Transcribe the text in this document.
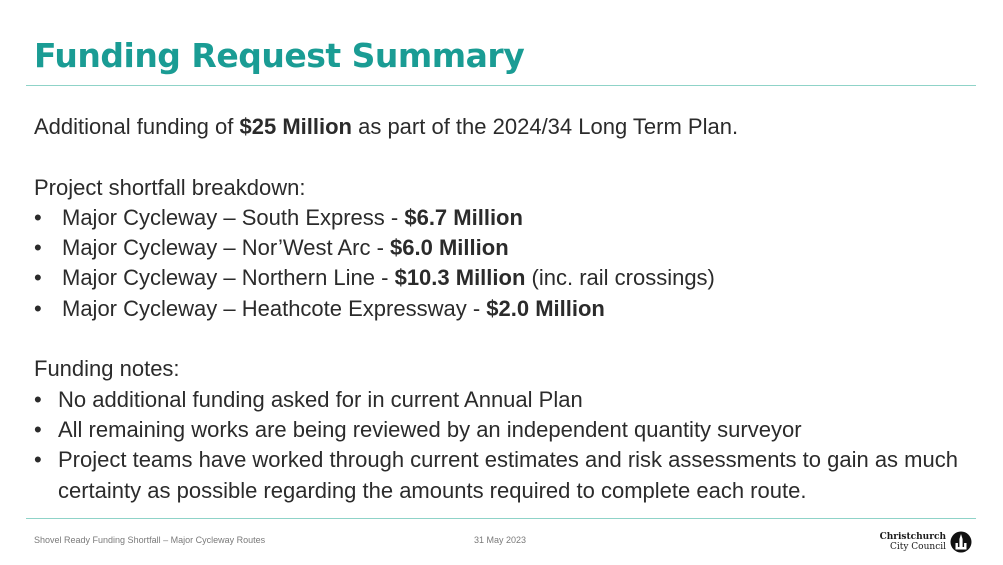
Funding Request Summary

Additional funding of $25 Million as part of the 2024/34 Long Term Plan.

Project shortfall breakdown:

• Major Cycleway – South Express - $6.7 Million
• Major Cycleway – Nor’West Arc - $6.0 Million
• Major Cycleway – Northern Line - $10.3 Million (inc. rail crossings)
• Major Cycleway – Heathcote Expressway - $2.0 Million

Funding notes:

• No additional funding asked for in current Annual Plan
• All remaining works are being reviewed by an independent quantity surveyor
• Project teams have worked through current estimates and risk assessments to gain as much certainty as possible regarding the amounts required to complete each route.
Shovel Ready Funding Shortfall – Major Cycleway Routes	31 May 2023	Christchurch
City Council
